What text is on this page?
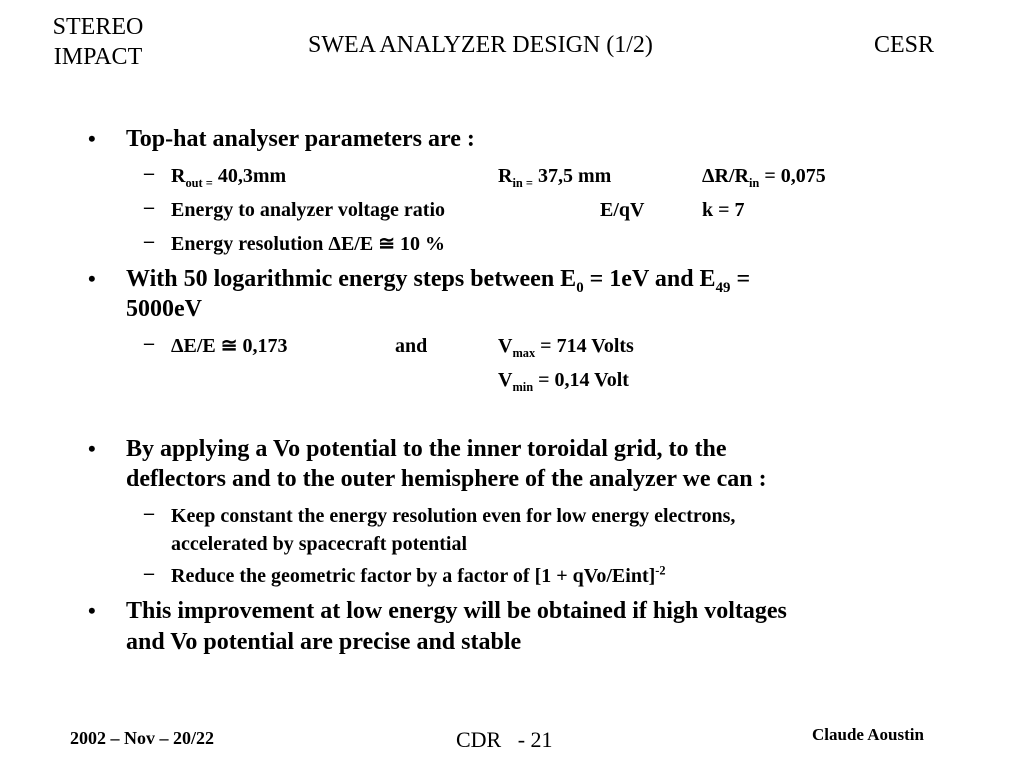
STEREO
IMPACT	SWEA ANALYZER DESIGN (1/2)	CESR
• Top-hat analyser parameters are :
– $R_{out =}$ 40,3mm	$R_{in =}$ 37,5 mm	$\Delta R/R_{in} = 0,075$
– Energy to analyzer voltage ratio	E/qV	k = 7
– Energy resolution ΔE/E ≅ 10 %
• With 50 logarithmic energy steps between $E_0 = 1eV$ and $E_{49}$ =
5000eV
– ΔE/E ≅ 0,173	and	$V_{max} = 714$ Volts
$V_{min} = 0,14$ Volt
• By applying a Vo potential to the inner toroidal grid, to the
deflectors and to the outer hemisphere of the analyzer we can :
– Keep constant the energy resolution even for low energy electrons,
accelerated by spacecraft potential
– Reduce the geometric factor by a factor of [1 + qVo/Eint]$^{-2}$
• This improvement at low energy will be obtained if high voltages
and Vo potential are precise and stable
2002 – Nov – 20/22	CDR   - 21	Claude Aoustin
